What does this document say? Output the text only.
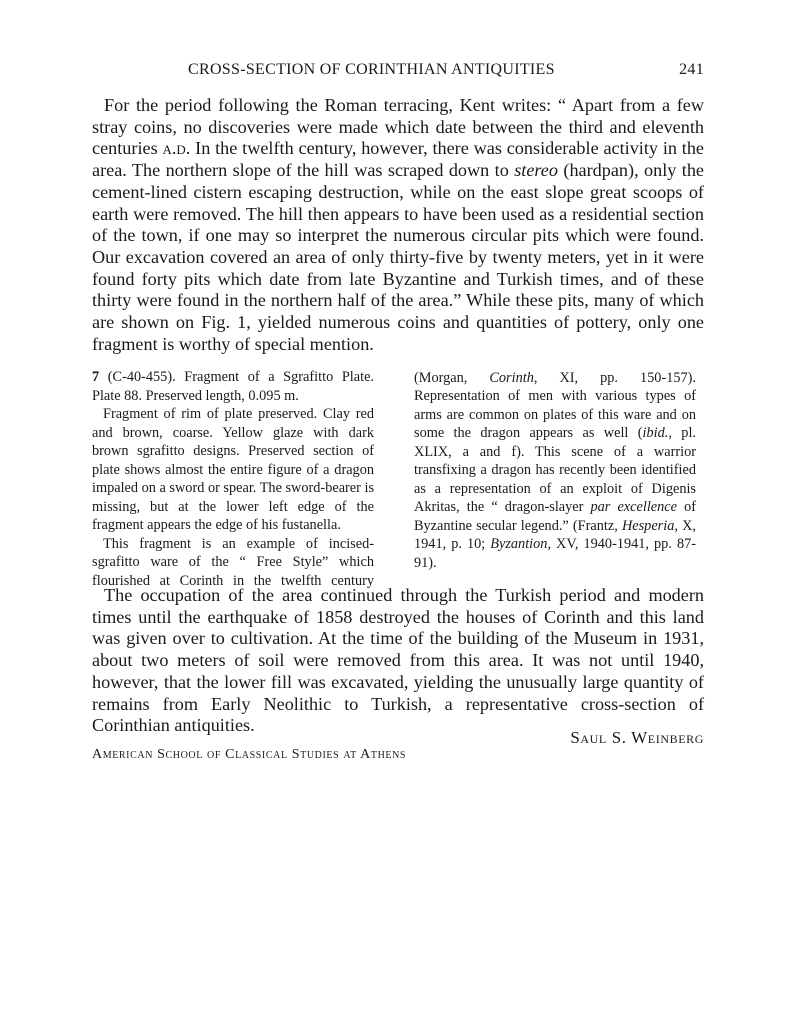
CROSS-SECTION OF CORINTHIAN ANTIQUITIES	241

For the period following the Roman terracing, Kent writes: “ Apart from a few stray coins, no discoveries were made which date between the third and eleventh centuries a.d. In the twelfth century, however, there was considerable activity in the area. The northern slope of the hill was scraped down to stereo (hardpan), only the cement-lined cistern escaping destruction, while on the east slope great scoops of earth were removed. The hill then appears to have been used as a residential section of the town, if one may so interpret the numerous circular pits which were found. Our excavation covered an area of only thirty-five by twenty meters, yet in it were found forty pits which date from late Byzantine and Turkish times, and of these thirty were found in the northern half of the area.” While these pits, many of which are shown on Fig. 1, yielded numerous coins and quantities of pottery, only one fragment is worthy of special mention.

7 (C-40-455). Fragment of a Sgrafitto Plate. Plate 88. Preserved length, 0.095 m.

Fragment of rim of plate preserved. Clay red and brown, coarse. Yellow glaze with dark brown sgrafitto designs. Preserved section of plate shows almost the entire figure of a dragon impaled on a sword or spear. The sword-bearer is missing, but at the lower left edge of the fragment appears the edge of his fustanella.

This fragment is an example of incised-sgrafitto ware of the “ Free Style” which flourished at Corinth in the twelfth century

(Morgan, Corinth, XI, pp. 150-157). Representation of men with various types of arms are common on plates of this ware and on some the dragon appears as well (ibid., pl. XLIX, a and f). This scene of a warrior transfixing a dragon has recently been identified as a representation of an exploit of Digenis Akritas, the “ dragon-slayer par excellence of Byzantine secular legend.” (Frantz, Hesperia, X, 1941, p. 10; Byzantion, XV, 1940-1941, pp. 87-91).

The occupation of the area continued through the Turkish period and modern times until the earthquake of 1858 destroyed the houses of Corinth and this land was given over to cultivation. At the time of the building of the Museum in 1931, about two meters of soil were removed from this area. It was not until 1940, however, that the lower fill was excavated, yielding the unusually large quantity of remains from Early Neolithic to Turkish, a representative cross-section of Corinthian antiquities.

Saul S. Weinberg
American School of Classical Studies at Athens
